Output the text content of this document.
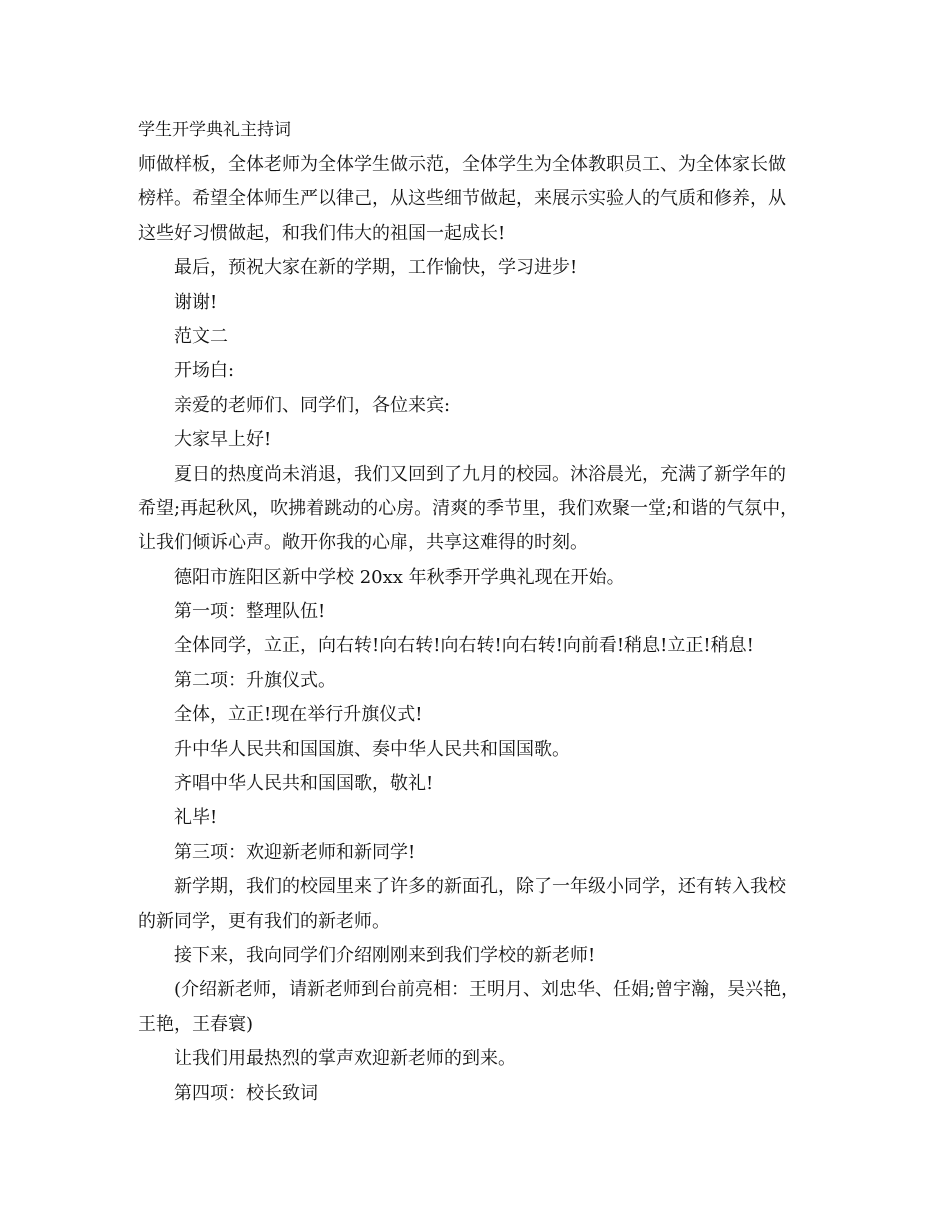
学生开学典礼主持词
师做样板，全体老师为全体学生做示范，全体学生为全体教职员工、为全体家长做
榜样。希望全体师生严以律己，从这些细节做起，来展示实验人的气质和修养，从
这些好习惯做起，和我们伟大的祖国一起成长!
最后，预祝大家在新的学期，工作愉快，学习进步!
谢谢!
范文二
开场白:
亲爱的老师们、同学们，各位来宾:
大家早上好!
夏日的热度尚未消退，我们又回到了九月的校园。沐浴晨光，充满了新学年的
希望;再起秋风，吹拂着跳动的心房。清爽的季节里，我们欢聚一堂;和谐的气氛中，
让我们倾诉心声。敞开你我的心扉，共享这难得的时刻。
德阳市旌阳区新中学校 20xx 年秋季开学典礼现在开始。
第一项：整理队伍!
全体同学，立正，向右转!向右转!向右转!向右转!向前看!稍息!立正!稍息!
第二项：升旗仪式。
全体，立正!现在举行升旗仪式!
升中华人民共和国国旗、奏中华人民共和国国歌。
齐唱中华人民共和国国歌，敬礼!
礼毕!
第三项：欢迎新老师和新同学!
新学期，我们的校园里来了许多的新面孔，除了一年级小同学，还有转入我校
的新同学，更有我们的新老师。
接下来，我向同学们介绍刚刚来到我们学校的新老师!
(介绍新老师，请新老师到台前亮相：王明月、刘忠华、任娟;曾宇瀚，吴兴艳，
王艳，王春寰)
让我们用最热烈的掌声欢迎新老师的到来。
第四项：校长致词
